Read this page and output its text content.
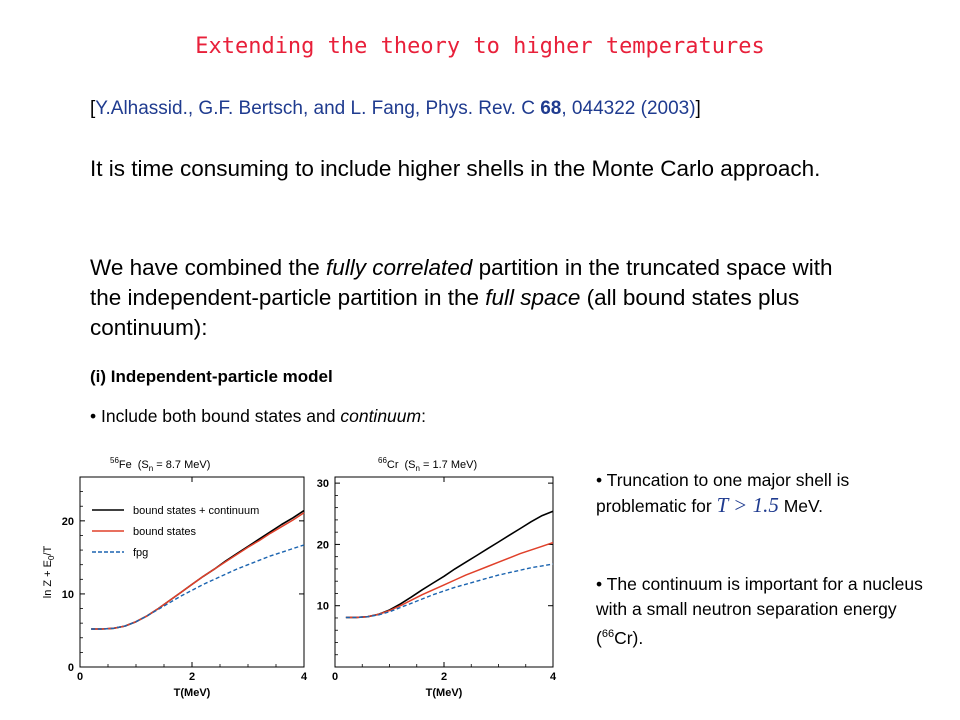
Extending the theory to higher temperatures
[Y.Alhassid., G.F. Bertsch, and L. Fang, Phys. Rev. C 68, 044322 (2003)]
It is time consuming to include higher shells in the Monte Carlo approach.
We have combined the fully correlated partition in the truncated space with the independent-particle partition in the full space (all bound states plus continuum):
(i) Independent-particle model
• Include both bound states and continuum:
$^{56}$Fe ($S_n = 8.7$ MeV)
$\ln Z + E_0/T$
T(MeV)
bound states + continuum
bound states
fpg
0	2	4
0
10
20
$^{66}$Cr ($S_n = 1.7$ MeV)
T(MeV)
0	2	4
10
20
30	• Truncation to one major shell is problematic for T > 1.5 MeV.
• The continuum is important for a nucleus with a small neutron separation energy ($^{66}$Cr).
